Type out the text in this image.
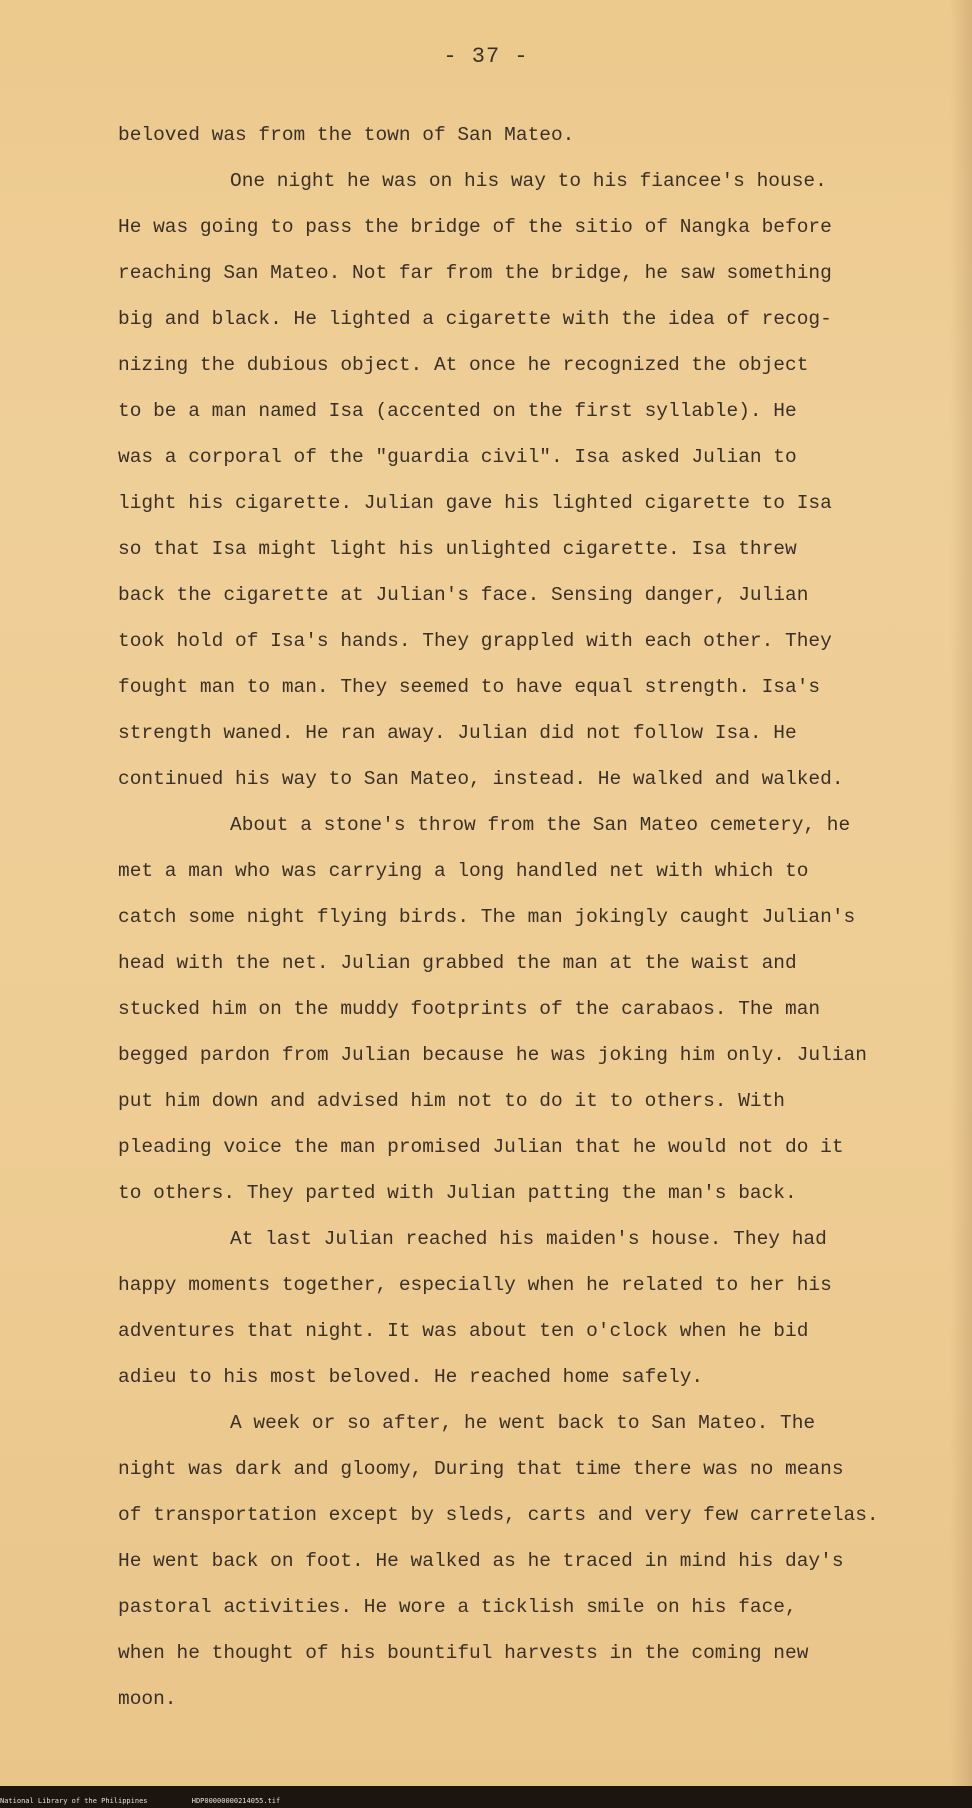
- 37 -
beloved was from the town of San Mateo.
One night he was on his way to his fiancee's house.
He was going to pass the bridge of the sitio of Nangka before
reaching San Mateo. Not far from the bridge, he saw something
big and black. He lighted a cigarette with the idea of recog-
nizing the dubious object. At once he recognized the object
to be a man named Isa (accented on the first syllable). He
was a corporal of the "guardia civil". Isa asked Julian to
light his cigarette. Julian gave his lighted cigarette to Isa
so that Isa might light his unlighted cigarette. Isa threw
back the cigarette at Julian's face. Sensing danger, Julian
took hold of Isa's hands. They grappled with each other. They
fought man to man. They seemed to have equal strength. Isa's
strength waned. He ran away. Julian did not follow Isa. He
continued his way to San Mateo, instead. He walked and walked.
About a stone's throw from the San Mateo cemetery, he
met a man who was carrying a long handled net with which to
catch some night flying birds. The man jokingly caught Julian's
head with the net. Julian grabbed the man at the waist and
stucked him on the muddy footprints of the carabaos. The man
begged pardon from Julian because he was joking him only. Julian
put him down and advised him not to do it to others. With
pleading voice the man promised Julian that he would not do it
to others. They parted with Julian patting the man's back.
At last Julian reached his maiden's house. They had
happy moments together, especially when he related to her his
adventures that night. It was about ten o'clock when he bid
adieu to his most beloved. He reached home safely.
A week or so after, he went back to San Mateo. The
night was dark and gloomy, During that time there was no means
of transportation except by sleds, carts and very few carretelas.
He went back on foot. He walked as he traced in mind his day's
pastoral activities. He wore a ticklish smile on his face,
when he thought of his bountiful harvests in the coming new
moon.
National Library of the Philippines	HDP00000000214055.tif
